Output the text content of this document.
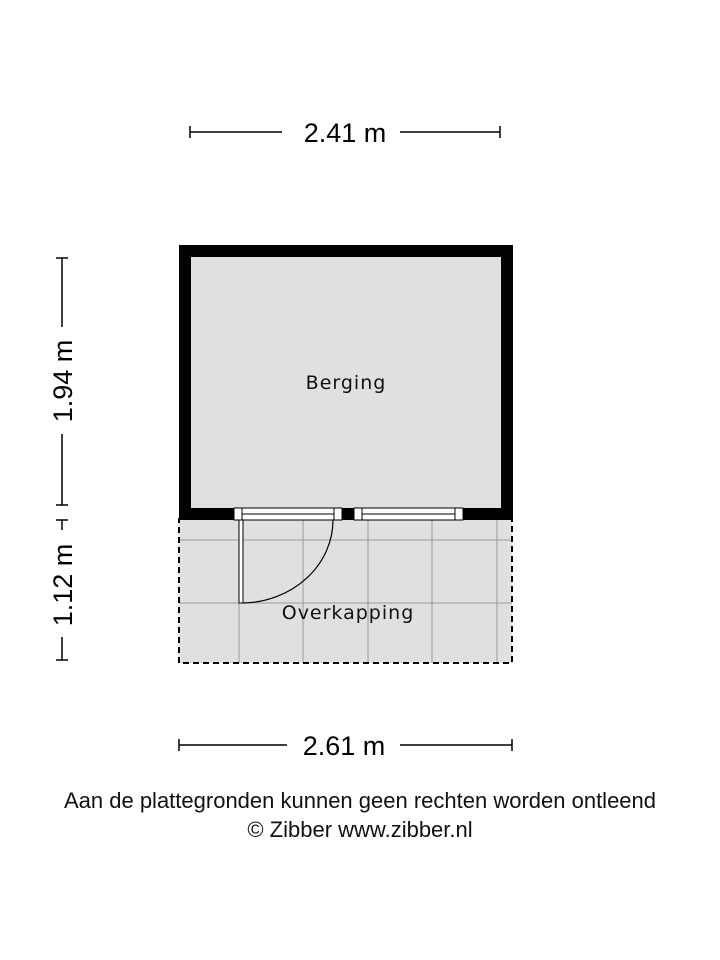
2.41 m
1.94 m
1.12 m	Overkapping
Berging
2.61 m
Aan de plattegronden kunnen geen rechten worden ontleend
© Zibber www.zibber.nl
